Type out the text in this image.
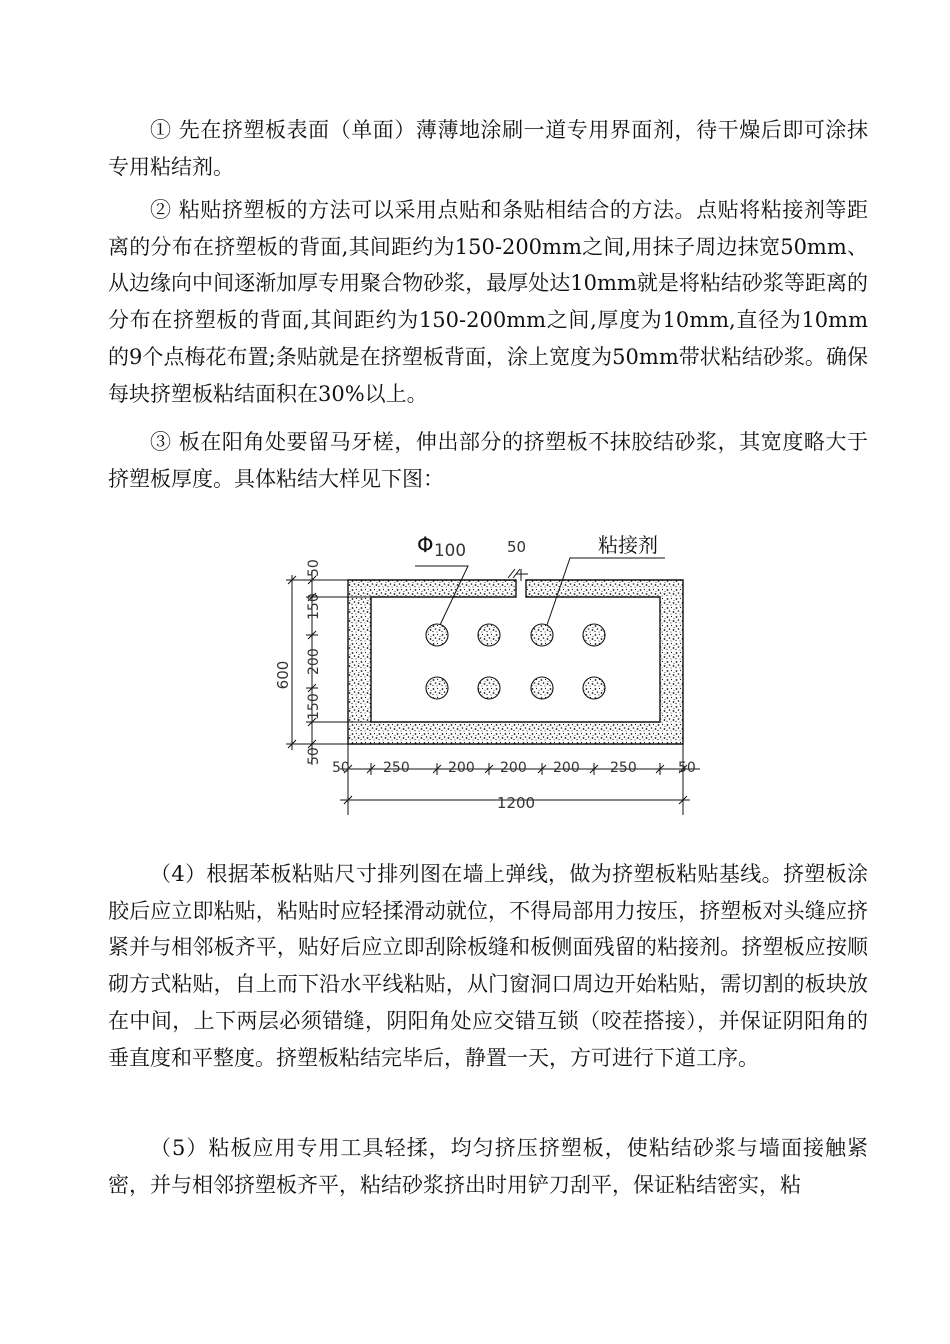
① 先在挤塑板表面（单面）薄薄地涂刷一道专用界面剂，待干燥后即可涂抹专用粘结剂。

② 粘贴挤塑板的方法可以采用点贴和条贴相结合的方法。点贴将粘接剂等距离的分布在挤塑板的背面,其间距约为150-200mm之间,用抹子周边抹宽50mm、从边缘向中间逐渐加厚专用聚合物砂浆，最厚处达10mm就是将粘结砂浆等距离的分布在挤塑板的背面,其间距约为150-200mm之间,厚度为10mm,直径为10mm的9个点梅花布置;条贴就是在挤塑板背面，涂上宽度为50mm带状粘结砂浆。确保每块挤塑板粘结面积在30%以上。

③ 板在阳角处要留马牙槎，伸出部分的挤塑板不抹胶结砂浆，其宽度略大于挤塑板厚度。具体粘结大样见下图：

Φ 100	50	粘接剂
600
50
150
200
150
50
50 250	200 200 200 250	50
1200

（4）根据苯板粘贴尺寸排列图在墙上弹线，做为挤塑板粘贴基线。挤塑板涂胶后应立即粘贴，粘贴时应轻揉滑动就位，不得局部用力按压，挤塑板对头缝应挤紧并与相邻板齐平，贴好后应立即刮除板缝和板侧面残留的粘接剂。挤塑板应按顺砌方式粘贴，自上而下沿水平线粘贴，从门窗洞口周边开始粘贴，需切割的板块放在中间，上下两层必须错缝，阴阳角处应交错互锁（咬茬搭接），并保证阴阳角的垂直度和平整度。挤塑板粘结完毕后，静置一天，方可进行下道工序。

（5）粘板应用专用工具轻揉，均匀挤压挤塑板，使粘结砂浆与墙面接触紧密，并与相邻挤塑板齐平，粘结砂浆挤出时用铲刀刮平，保证粘结密实，粘
